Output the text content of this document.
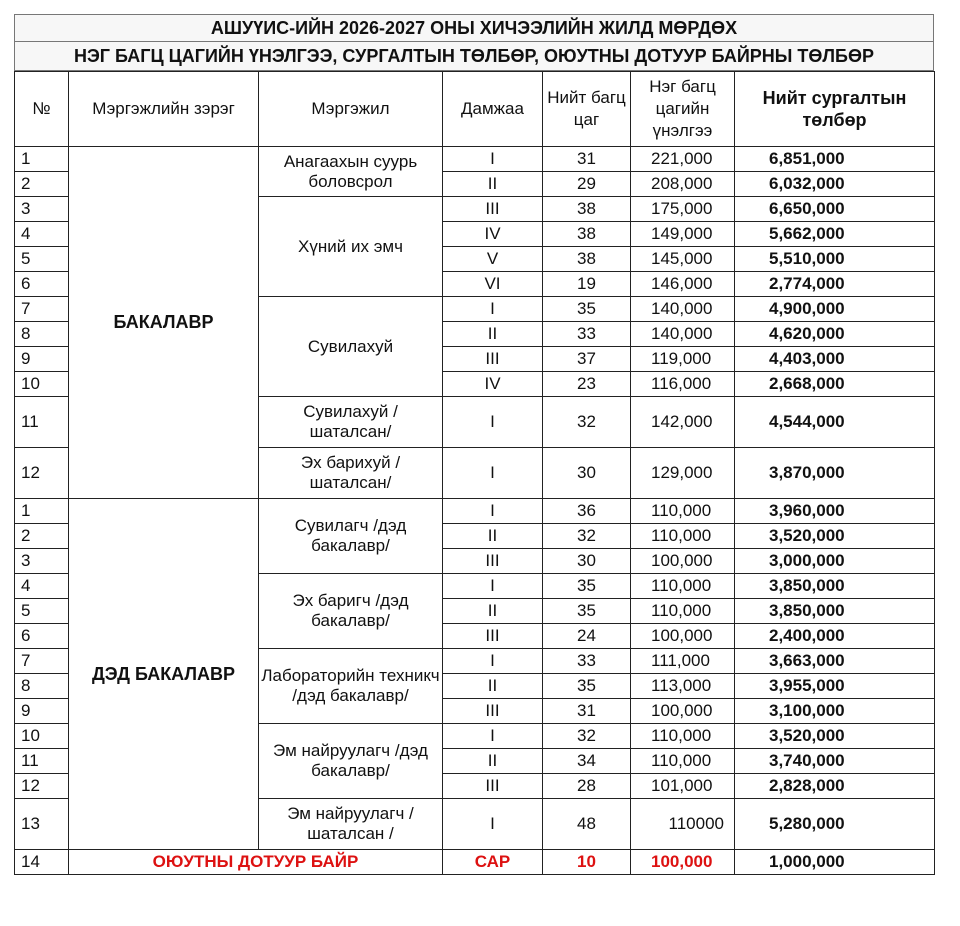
АШУҮИС-ИЙН 2026-2027 ОНЫ ХИЧЭЭЛИЙН ЖИЛД МӨРДӨХ
НЭГ БАГЦ ЦАГИЙН ҮНЭЛГЭЭ, СУРГАЛТЫН ТӨЛБӨР, ОЮУТНЫ ДОТУУР БАЙРНЫ ТӨЛБӨР
№	Мэргэжлийн зэрэг	Мэргэжил	Дамжаа	Нийт багц цаг	Нэг багц цагийн үнэлгээ	Нийт сургалтын төлбөр
1	БАКАЛАВР	Анагаахын суурь боловсрол	I	31	221,000	6,851,000
2			II	29	208,000	6,032,000
3		Хүний их эмч	III	38	175,000	6,650,000
4			IV	38	149,000	5,662,000
5			V	38	145,000	5,510,000
6			VI	19	146,000	2,774,000
7		Сувилахуй	I	35	140,000	4,900,000
8			II	33	140,000	4,620,000
9			III	37	119,000	4,403,000
10			IV	23	116,000	2,668,000
11		Сувилахуй / шаталсан/	I	32	142,000	4,544,000
12		Эх барихуй / шаталсан/	I	30	129,000	3,870,000
1	ДЭД БАКАЛАВР	Сувилагч /дэд бакалавр/	I	36	110,000	3,960,000
2			II	32	110,000	3,520,000
3			III	30	100,000	3,000,000
4		Эх баригч /дэд бакалавр/	I	35	110,000	3,850,000
5			II	35	110,000	3,850,000
6			III	24	100,000	2,400,000
7		Лабораторийн техникч /дэд бакалавр/	I	33	111,000	3,663,000
8			II	35	113,000	3,955,000
9			III	31	100,000	3,100,000
10		Эм найруулагч /дэд бакалавр/	I	32	110,000	3,520,000
11			II	34	110,000	3,740,000
12			III	28	101,000	2,828,000
13		Эм найруулагч / шаталсан /	I	48	110000	5,280,000
14	ОЮУТНЫ ДОТУУР БАЙР		САР	10	100,000	1,000,000
